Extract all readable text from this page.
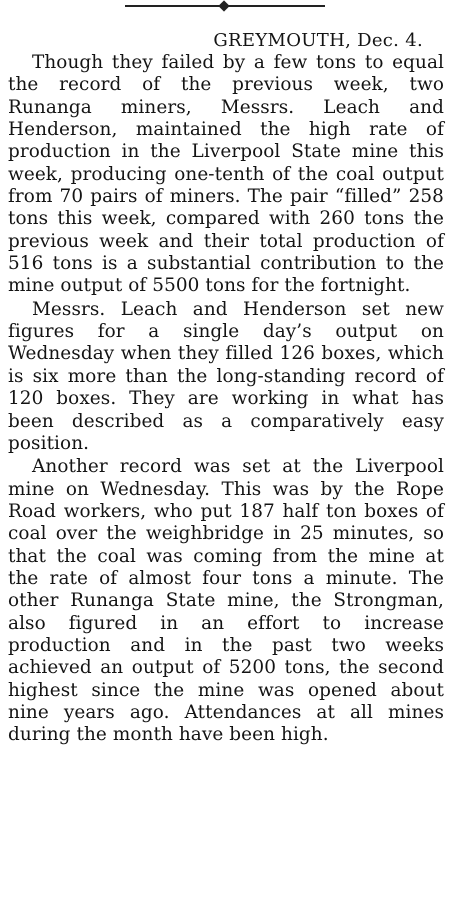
GREYMOUTH, Dec. 4.

Though they failed by a few tons to equal the record of the previous week, two Runanga miners, Messrs. Leach and Henderson, maintained the high rate of production in the Liverpool State mine this week, producing one-tenth of the coal output from 70 pairs of miners. The pair “filled” 258 tons this week, compared with 260 tons the previous week and their total production of 516 tons is a substantial contribution to the mine output of 5500 tons for the fortnight.

Messrs. Leach and Henderson set new figures for a single day’s output on Wednesday when they filled 126 boxes, which is six more than the long-standing record of 120 boxes. They are working in what has been described as a comparatively easy position.

Another record was set at the Liverpool mine on Wednesday. This was by the Rope Road workers, who put 187 half ton boxes of coal over the weighbridge in 25 minutes, so that the coal was coming from the mine at the rate of almost four tons a minute. The other Runanga State mine, the Strongman, also figured in an effort to increase production and in the past two weeks achieved an output of 5200 tons, the second highest since the mine was opened about nine years ago. Attendances at all mines during the month have been high.
